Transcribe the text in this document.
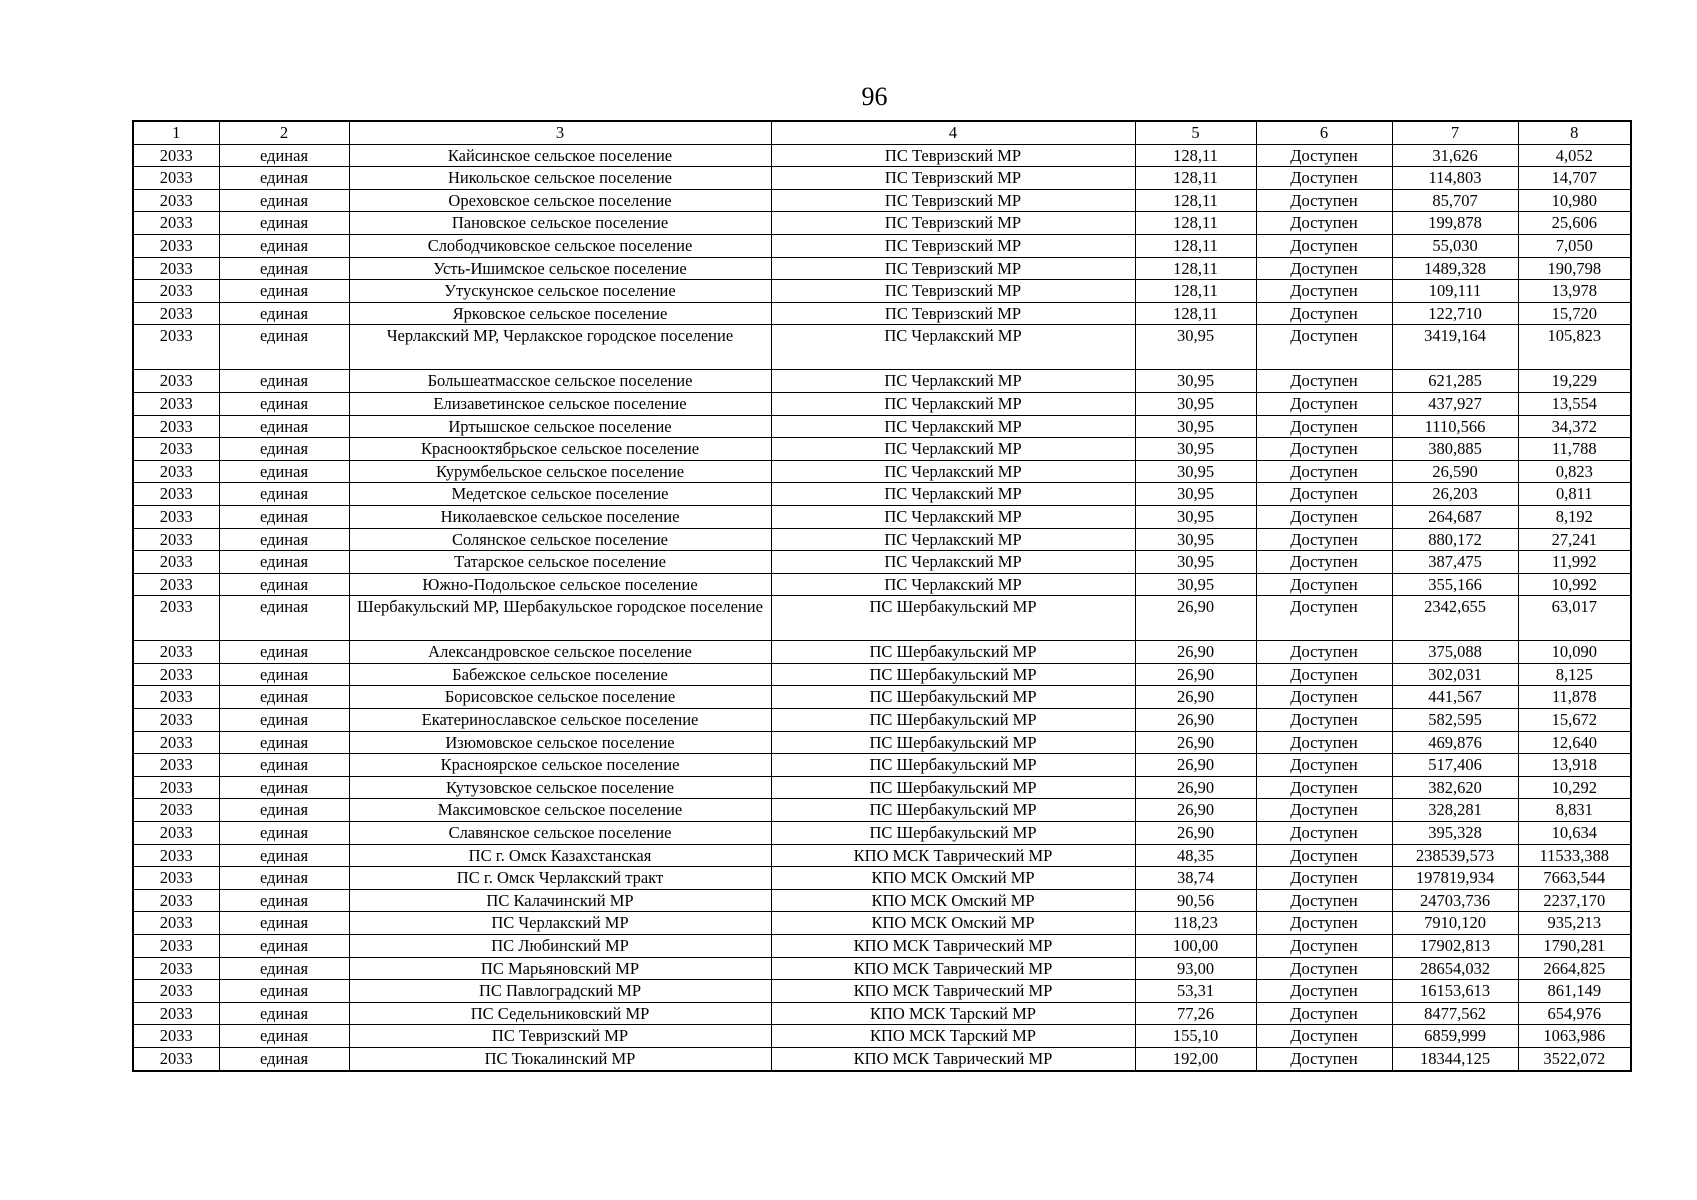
96
1	2	3	4	5	6	7	8
2033	единая	Кайсинское сельское поселение	ПС Тевризский МР	128,11	Доступен	31,626	4,052
2033	единая	Никольское сельское поселение	ПС Тевризский МР	128,11	Доступен	114,803	14,707
2033	единая	Ореховское сельское поселение	ПС Тевризский МР	128,11	Доступен	85,707	10,980
2033	единая	Пановское сельское поселение	ПС Тевризский МР	128,11	Доступен	199,878	25,606
2033	единая	Слободчиковское сельское поселение	ПС Тевризский МР	128,11	Доступен	55,030	7,050
2033	единая	Усть-Ишимское сельское поселение	ПС Тевризский МР	128,11	Доступен	1489,328	190,798
2033	единая	Утускунское сельское поселение	ПС Тевризский МР	128,11	Доступен	109,111	13,978
2033	единая	Ярковское сельское поселение	ПС Тевризский МР	128,11	Доступен	122,710	15,720
2033	единая	Черлакский МР, Черлакское городское поселение	ПС Черлакский МР	30,95	Доступен	3419,164	105,823
2033	единая	Большеатмасское сельское поселение	ПС Черлакский МР	30,95	Доступен	621,285	19,229
2033	единая	Елизаветинское сельское поселение	ПС Черлакский МР	30,95	Доступен	437,927	13,554
2033	единая	Иртышское сельское поселение	ПС Черлакский МР	30,95	Доступен	1110,566	34,372
2033	единая	Краснооктябрьское сельское поселение	ПС Черлакский МР	30,95	Доступен	380,885	11,788
2033	единая	Курумбельское сельское поселение	ПС Черлакский МР	30,95	Доступен	26,590	0,823
2033	единая	Медетское сельское поселение	ПС Черлакский МР	30,95	Доступен	26,203	0,811
2033	единая	Николаевское сельское поселение	ПС Черлакский МР	30,95	Доступен	264,687	8,192
2033	единая	Солянское сельское поселение	ПС Черлакский МР	30,95	Доступен	880,172	27,241
2033	единая	Татарское сельское поселение	ПС Черлакский МР	30,95	Доступен	387,475	11,992
2033	единая	Южно-Подольское сельское поселение	ПС Черлакский МР	30,95	Доступен	355,166	10,992
2033	единая	Шербакульский МР, Шербакульское городское поселение	ПС Шербакульский МР	26,90	Доступен	2342,655	63,017
2033	единая	Александровское сельское поселение	ПС Шербакульский МР	26,90	Доступен	375,088	10,090
2033	единая	Бабежское сельское поселение	ПС Шербакульский МР	26,90	Доступен	302,031	8,125
2033	единая	Борисовское сельское поселение	ПС Шербакульский МР	26,90	Доступен	441,567	11,878
2033	единая	Екатеринославское сельское поселение	ПС Шербакульский МР	26,90	Доступен	582,595	15,672
2033	единая	Изюмовское сельское поселение	ПС Шербакульский МР	26,90	Доступен	469,876	12,640
2033	единая	Красноярское сельское поселение	ПС Шербакульский МР	26,90	Доступен	517,406	13,918
2033	единая	Кутузовское сельское поселение	ПС Шербакульский МР	26,90	Доступен	382,620	10,292
2033	единая	Максимовское сельское поселение	ПС Шербакульский МР	26,90	Доступен	328,281	8,831
2033	единая	Славянское сельское поселение	ПС Шербакульский МР	26,90	Доступен	395,328	10,634
2033	единая	ПС г. Омск Казахстанская	КПО МСК Таврический МР	48,35	Доступен	238539,573	11533,388
2033	единая	ПС г. Омск Черлакский тракт	КПО МСК Омский МР	38,74	Доступен	197819,934	7663,544
2033	единая	ПС Калачинский МР	КПО МСК Омский МР	90,56	Доступен	24703,736	2237,170
2033	единая	ПС Черлакский МР	КПО МСК Омский МР	118,23	Доступен	7910,120	935,213
2033	единая	ПС Любинский МР	КПО МСК Таврический МР	100,00	Доступен	17902,813	1790,281
2033	единая	ПС Марьяновский МР	КПО МСК Таврический МР	93,00	Доступен	28654,032	2664,825
2033	единая	ПС Павлоградский МР	КПО МСК Таврический МР	53,31	Доступен	16153,613	861,149
2033	единая	ПС Седельниковский МР	КПО МСК Тарский МР	77,26	Доступен	8477,562	654,976
2033	единая	ПС Тевризский МР	КПО МСК Тарский МР	155,10	Доступен	6859,999	1063,986
2033	единая	ПС Тюкалинский МР	КПО МСК Таврический МР	192,00	Доступен	18344,125	3522,072
